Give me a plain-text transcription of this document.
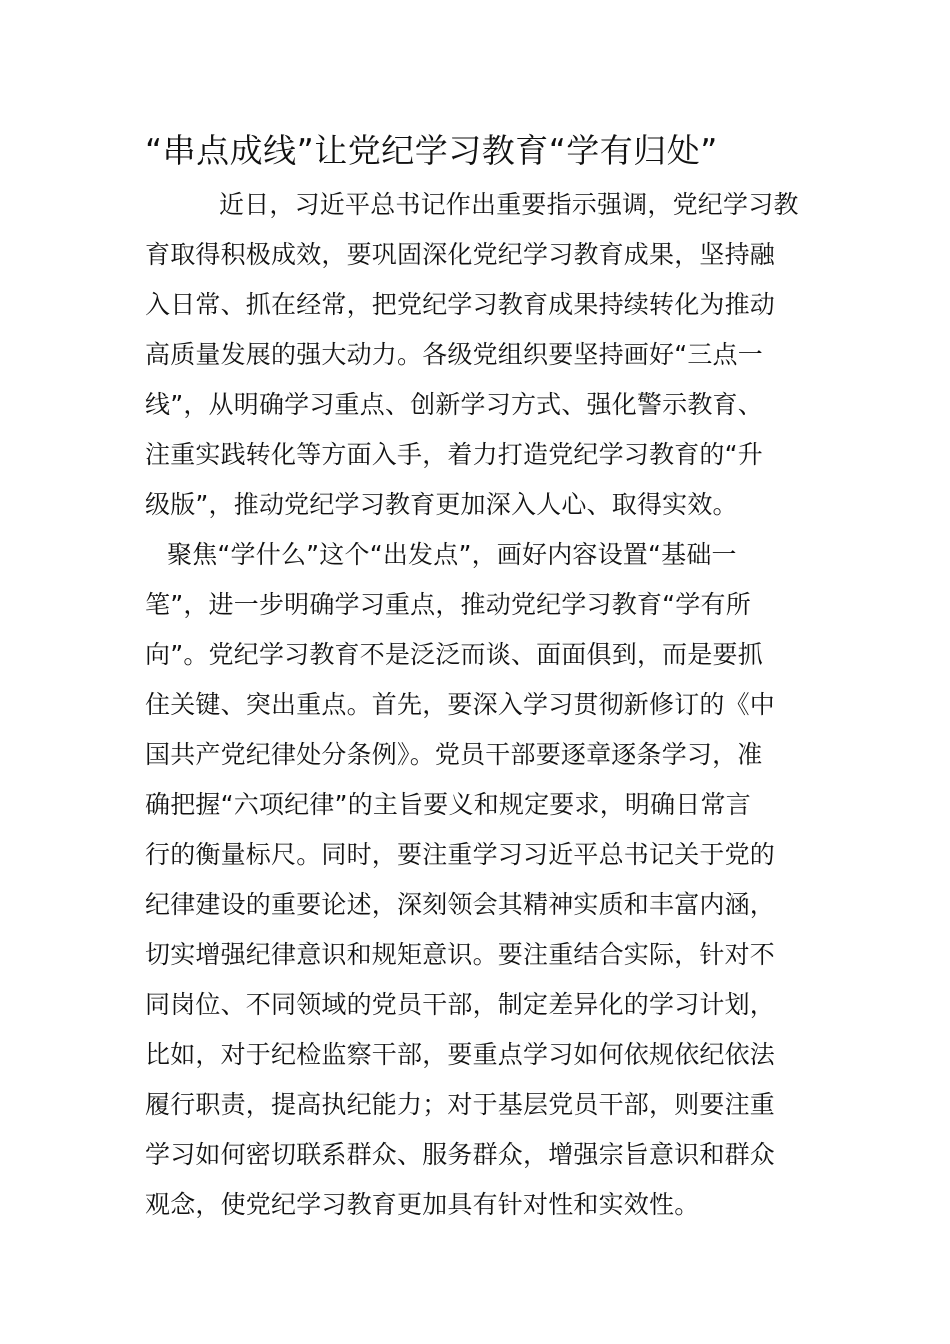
“串点成线”让党纪学习教育“学有归处”

近日，习近平总书记作出重要指示强调，党纪学习教
育取得积极成效，要巩固深化党纪学习教育成果，坚持融
入日常、抓在经常，把党纪学习教育成果持续转化为推动
高质量发展的强大动力。各级党组织要坚持画好“三点一
线”，从明确学习重点、创新学习方式、强化警示教育、
注重实践转化等方面入手，着力打造党纪学习教育的“升
级版”，推动党纪学习教育更加深入人心、取得实效。

聚焦“学什么”这个“出发点”，画好内容设置“基础一
笔”，进一步明确学习重点，推动党纪学习教育“学有所
向”。党纪学习教育不是泛泛而谈、面面俱到，而是要抓
住关键、突出重点。首先，要深入学习贯彻新修订的《中
国共产党纪律处分条例》。党员干部要逐章逐条学习，准
确把握“六项纪律”的主旨要义和规定要求，明确日常言
行的衡量标尺。同时，要注重学习习近平总书记关于党的
纪律建设的重要论述，深刻领会其精神实质和丰富内涵，
切实增强纪律意识和规矩意识。要注重结合实际，针对不
同岗位、不同领域的党员干部，制定差异化的学习计划，
比如，对于纪检监察干部，要重点学习如何依规依纪依法
履行职责，提高执纪能力；对于基层党员干部，则要注重
学习如何密切联系群众、服务群众，增强宗旨意识和群众
观念，使党纪学习教育更加具有针对性和实效性。
